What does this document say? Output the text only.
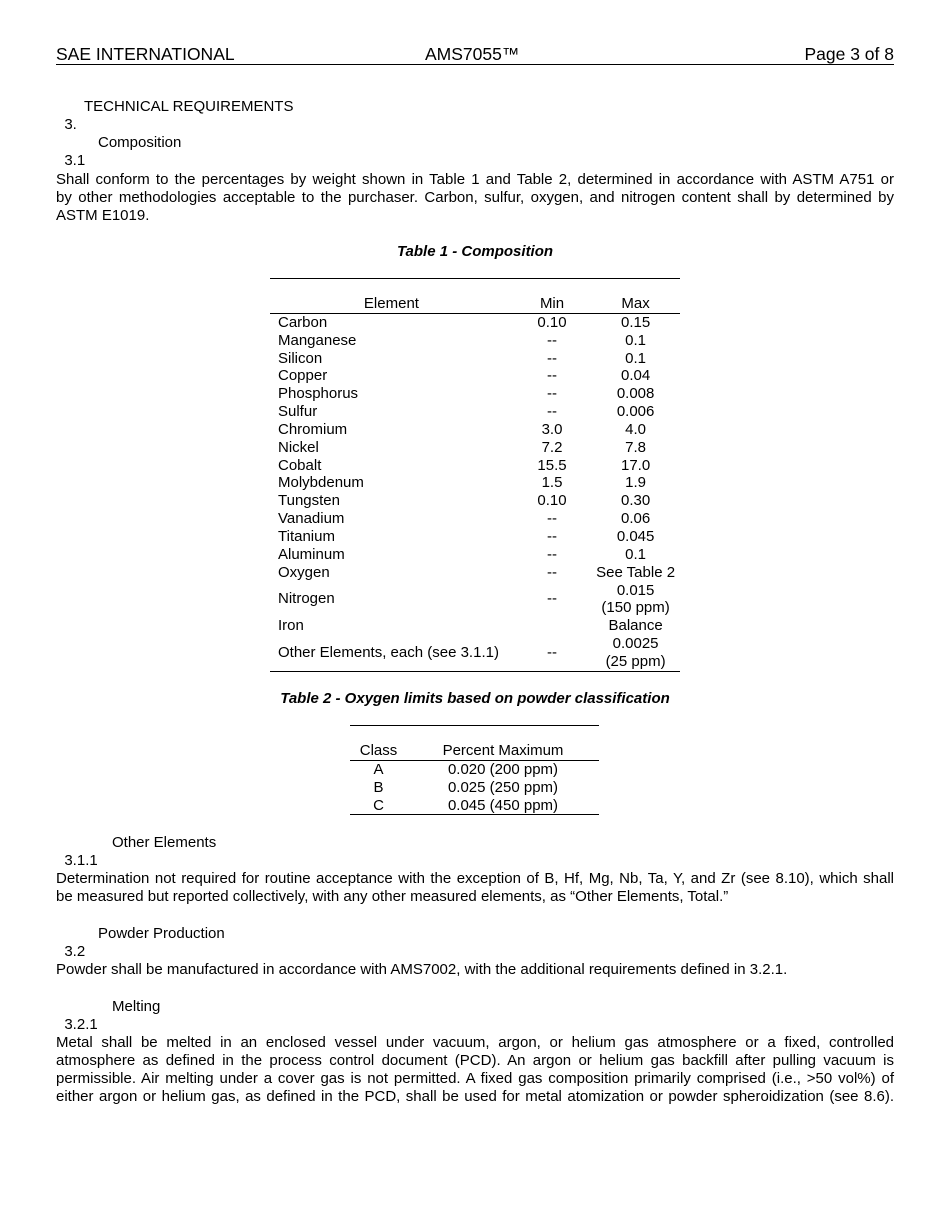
SAE INTERNATIONAL	AMS7055™	Page 3 of 8

3.
TECHNICAL REQUIREMENTS

3.1
Composition

Shall conform to the percentages by weight shown in Table 1 and Table 2, determined in accordance with ASTM A751 or

by other methodologies acceptable to the purchaser. Carbon, sulfur, oxygen, and nitrogen content shall by determined by

ASTM E1019.

Table 1 - Composition

Element	Min	Max
Carbon	0.10	0.15

Manganese	--	0.1

Silicon	--	0.1

Copper	--	0.04

Phosphorus	--	0.008

Sulfur	--	0.006

Chromium	3.0	4.0

Nickel	7.2	7.8

Cobalt	15.5	17.0

Molybdenum	1.5	1.9

Tungsten	0.10	0.30

Vanadium	--	0.06

Titanium	--	0.045

Aluminum	--	0.1

Oxygen	--	See Table 2

Nitrogen	--	0.015
(150 ppm)

Iron		Balance

Other Elements, each (see 3.1.1)	--	0.0025
(25 ppm)
Table 2 - Oxygen limits based on powder classification

Class	Percent Maximum
A	0.020 (200 ppm)
B	0.025 (250 ppm)
C	0.045 (450 ppm)

3.1.1
Other Elements

Determination not required for routine acceptance with the exception of B, Hf, Mg, Nb, Ta, Y, and Zr (see 8.10), which shall

be measured but reported collectively, with any other measured elements, as “Other Elements, Total.”

3.2
Powder Production

Powder shall be manufactured in accordance with AMS7002, with the additional requirements defined in 3.2.1.

3.2.1
Melting

Metal shall be melted in an enclosed vessel under vacuum, argon, or helium gas atmosphere or a fixed, controlled

atmosphere as defined in the process control document (PCD). An argon or helium gas backfill after pulling vacuum is

permissible. Air melting under a cover gas is not permitted. A fixed gas composition primarily comprised (i.e., >50 vol%) of

either argon or helium gas, as defined in the PCD, shall be used for metal atomization or powder spheroidization (see 8.6).
